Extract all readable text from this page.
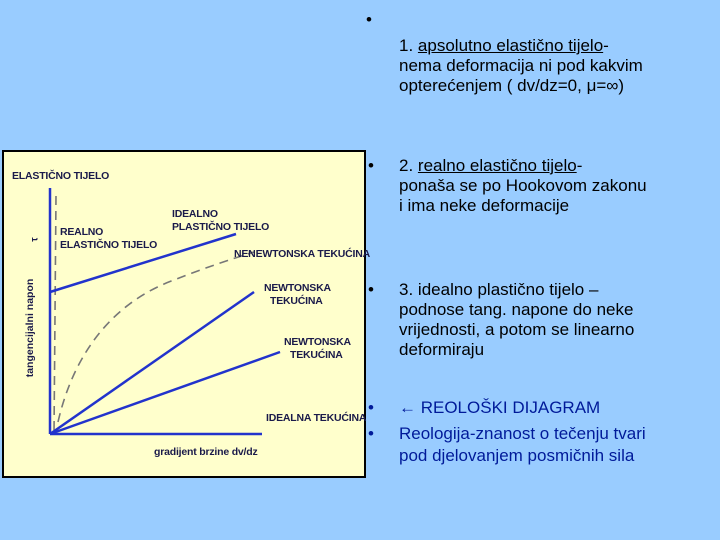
•
1. apsolutno elastično tijelo-
nema deformacija ni pod kakvim
opterećenjem ( dv/dz=0, μ=∞)
• 2. realno elastično tijelo-
ponaša se po Hookovom zakonu
i ima neke deformacije
• 3. idealno plastično tijelo –
podnose tang. napone do neke
vrijednosti, a potom se linearno
deformiraju
• ← REOLOŠKI DIJAGRAM
• Reologija-znanost o tečenju tvari
pod djelovanjem posmičnih sila
ELASTIČNO TIJELO
REALNO
ELASTIČNO TIJELO
IDEALNO
PLASTIČNO TIJELO
NENEWTONSKA TEKUĆINA
NEWTONSKA
TEKUĆINA
NEWTONSKA
TEKUĆINA
IDEALNA TEKUĆINA
gradijent brzine dv/dz
tangencijalni napon
τ
